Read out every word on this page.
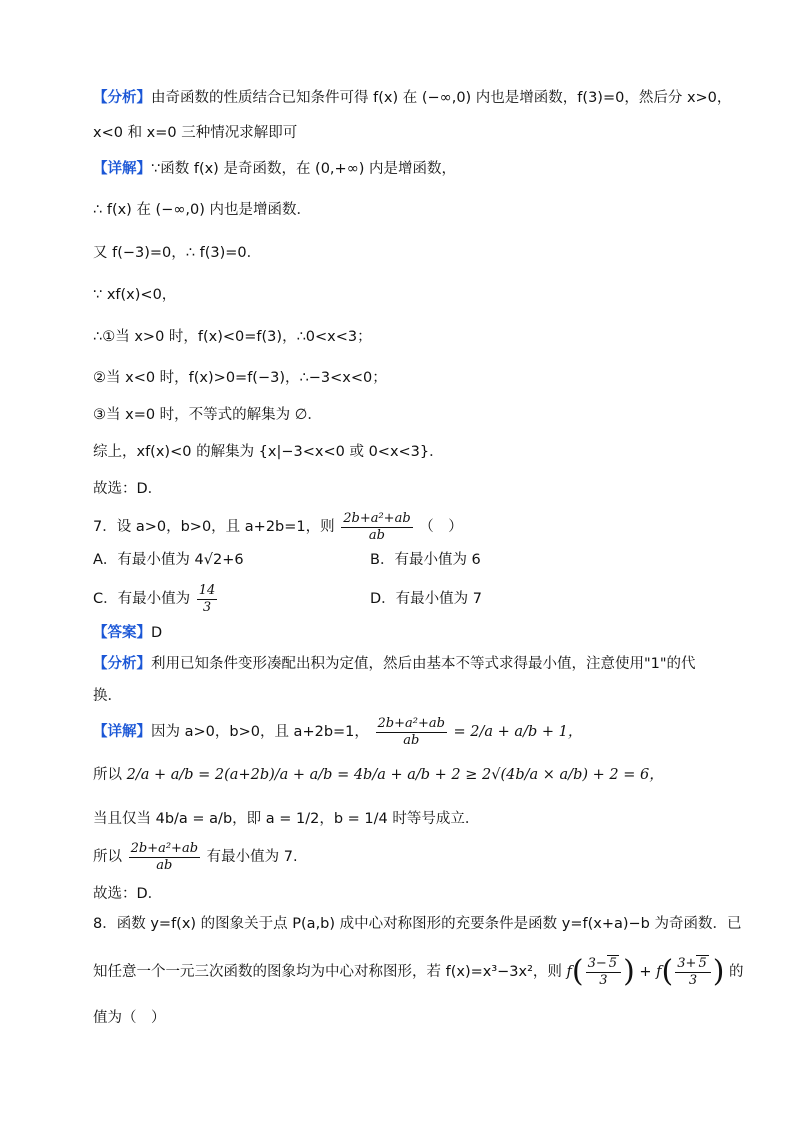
【分析】由奇函数的性质结合已知条件可得 f(x) 在 (−∞,0) 内也是增函数，f(3)=0，然后分 x>0，
x<0 和 x=0 三种情况求解即可
【详解】∵函数 f(x) 是奇函数，在 (0,+∞) 内是增函数，
∴ f(x) 在 (−∞,0) 内也是增函数．
又 f(−3)=0，∴ f(3)=0．
∵ xf(x)<0，
∴①当 x>0 时，f(x)<0=f(3)，∴0<x<3；
②当 x<0 时，f(x)>0=f(−3)，∴−3<x<0；
③当 x=0 时，不等式的解集为 ∅．
综上，xf(x)<0 的解集为 {x|−3<x<0 或 0<x<3}．
故选：D．
7．设 a>0，b>0，且 a+2b=1，则 $\frac{\text{2b+a²+ab}}{ab}$ （　）
A．有最小值为 4√2+6	B．有最小值为 6
C．有最小值为 $\frac{14}{3}$	D．有最小值为 7
【答案】D
【分析】利用已知条件变形凑配出积为定值，然后由基本不等式求得最小值，注意使用"1"的代
换．
【详解】因为 a>0，b>0，且 a+2b=1， $\frac{\text{2b+a²+ab}}{ab} = 2/a + a/b + 1$，
所以 2/a + a/b = 2(a+2b)/a + a/b = 4b/a + a/b + 2 ≥ 2√(4b/a × a/b) + 2 = 6，
当且仅当 4b/a = a/b，即 a = 1/2，b = 1/4 时等号成立．
所以 $\frac{\text{2b+a²+ab}}{ab}$ 有最小值为 7.
故选：D．
8．函数 y=f(x) 的图象关于点 P(a,b) 成中心对称图形的充要条件是函数 y=f(x+a)−b 为奇函数．已
知任意一个一元三次函数的图象均为中心对称图形，若 f(x)=x³−3x²，则 $f( \frac{3- 5}{3}$ ) + $f( \frac{3+ 5}{3}$ ) 的
值为（　）
